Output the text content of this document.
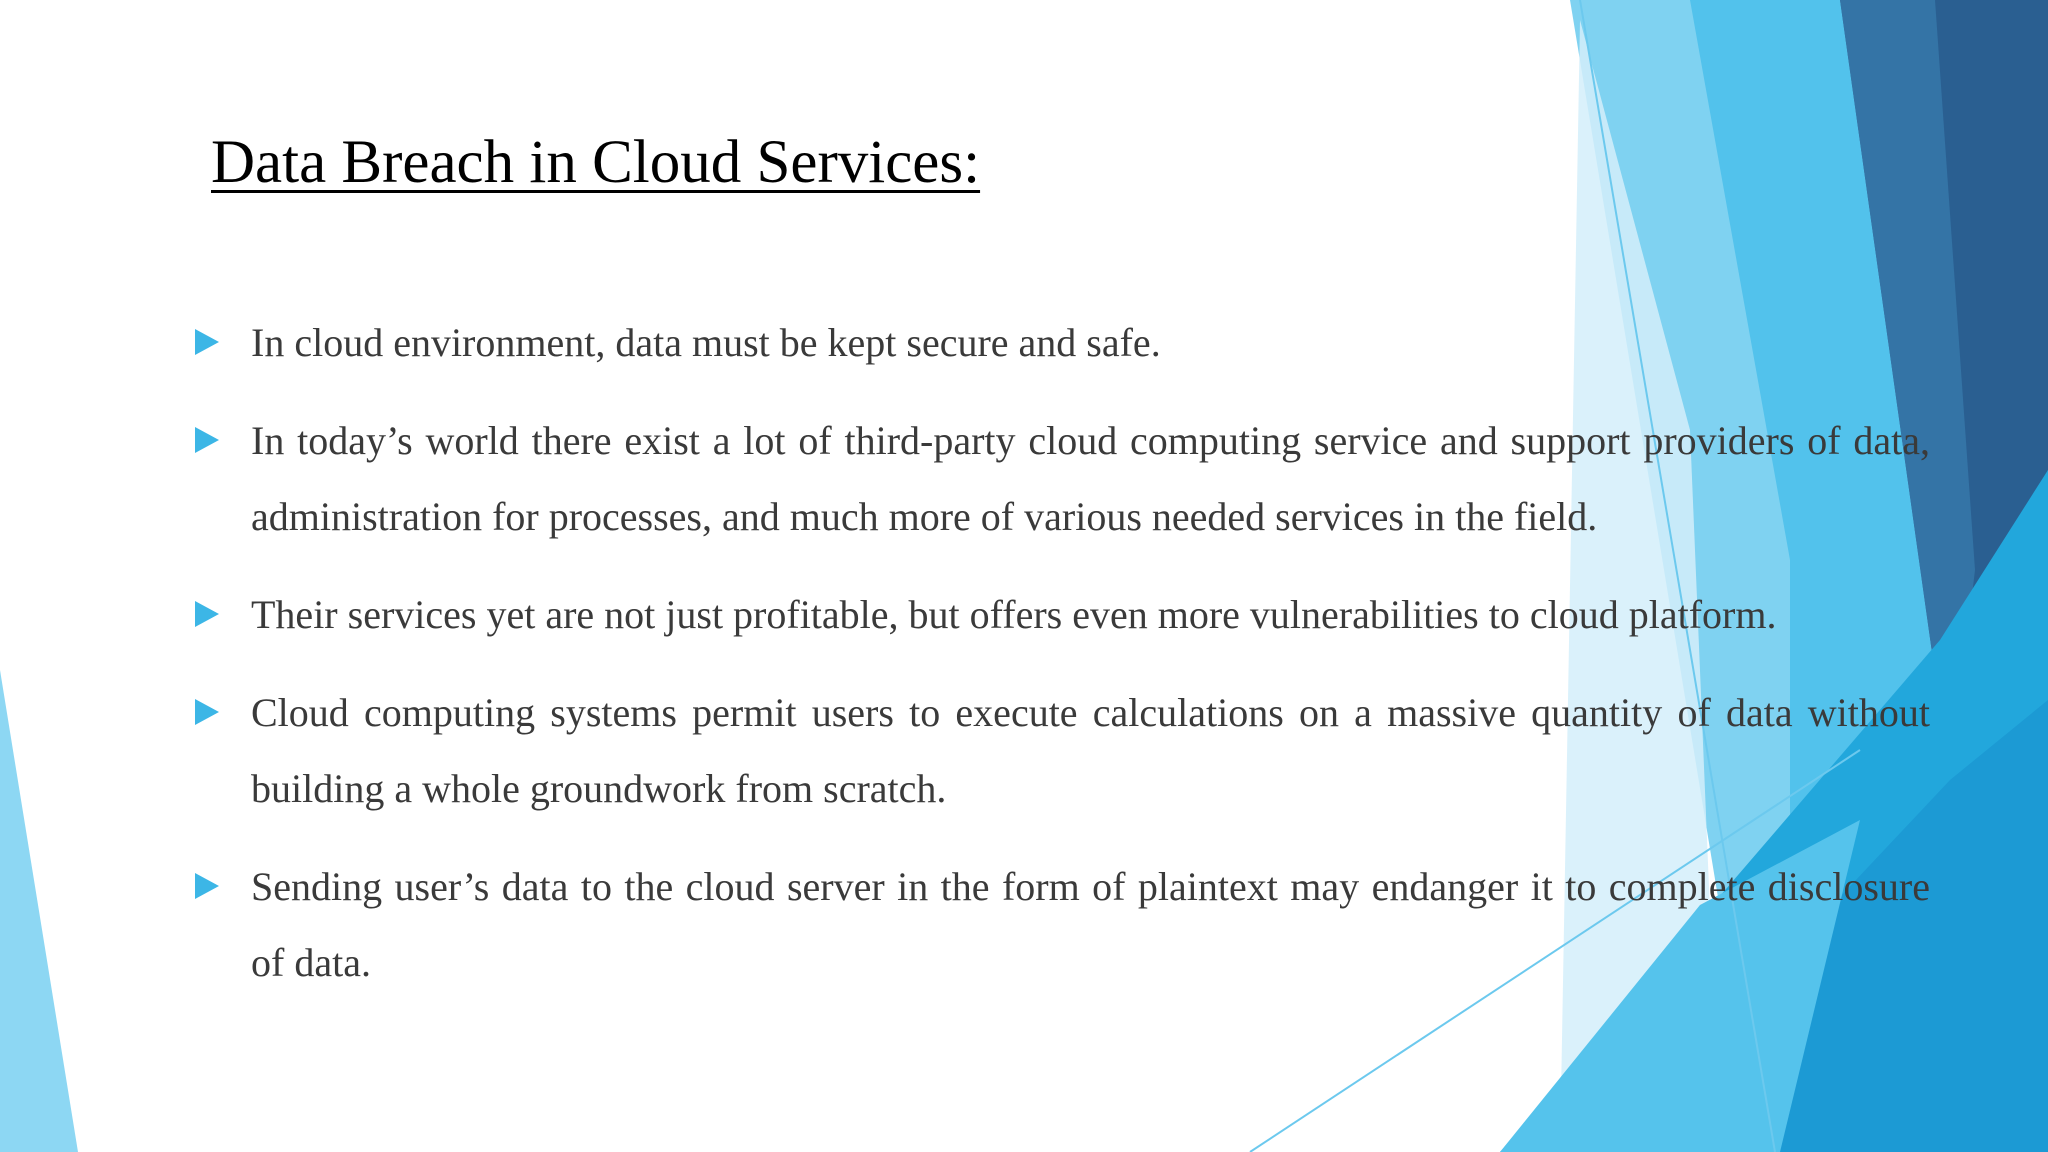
Data Breach in Cloud Services:
In cloud environment, data must be kept secure and safe.
In today’s world there exist a lot of third-party cloud computing service and support providers of data, administration for processes, and much more of various needed services in the field.
Their services yet are not just profitable, but offers even more vulnerabilities to cloud platform.
Cloud computing systems permit users to execute calculations on a massive quantity of data without building a whole groundwork from scratch.
Sending user’s data to the cloud server in the form of plaintext may endanger it to complete disclosure of data.
